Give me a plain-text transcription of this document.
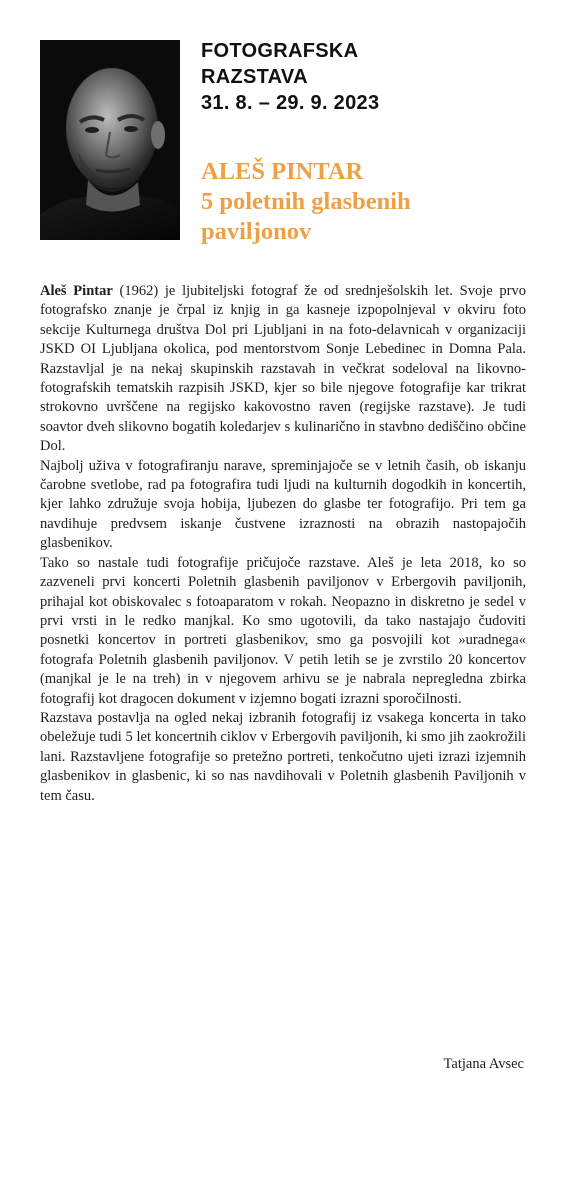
FOTOGRAFSKA
RAZSTAVA
31. 8. – 29. 9. 2023
ALEŠ PINTAR
5 poletnih glasbenih
paviljonov

Aleš Pintar (1962) je ljubiteljski fotograf že od srednješolskih let. Svoje prvo fotografsko znanje je črpal iz knjig in ga kasneje izpopolnjeval v okviru foto sekcije Kulturnega društva Dol pri Ljubljani in na foto-delavnicah v organizaciji JSKD OI Ljubljana okolica, pod mentorstvom Sonje Lebedinec in Domna Pala. Razstavljal je na nekaj skupinskih razstavah in večkrat sodeloval na likovno-fotografskih tematskih razpisih JSKD, kjer so bile njegove fotografije kar trikrat strokovno uvrščene na regijsko kakovostno raven (regijske razstave). Je tudi soavtor dveh slikovno bogatih koledarjev s kulinarično in stavbno dediščino občine Dol.

Najbolj uživa v fotografiranju narave, spreminjajoče se v letnih časih, ob iskanju čarobne svetlobe, rad pa fotografira tudi ljudi na kulturnih dogodkih in koncertih, kjer lahko združuje svoja hobija, ljubezen do glasbe ter fotografijo. Pri tem ga navdihuje predvsem iskanje čustvene izraznosti na obrazih nastopajočih glasbenikov.

Tako so nastale tudi fotografije pričujoče razstave. Aleš je leta 2018, ko so zazveneli prvi koncerti Poletnih glasbenih paviljonov v Erbergovih paviljonih, prihajal kot obiskovalec s fotoaparatom v rokah. Neopazno in diskretno je sedel v prvi vrsti in le redko manjkal. Ko smo ugotovili, da tako nastajajo čudoviti posnetki koncertov in portreti glasbenikov, smo ga posvojili kot »uradnega« fotografa Poletnih glasbenih paviljonov. V petih letih se je zvrstilo 20 koncertov (manjkal je le na treh) in v njegovem arhivu se je nabrala nepregledna zbirka fotografij kot dragocen dokument v izjemno bogati izrazni sporočilnosti.

Razstava postavlja na ogled nekaj izbranih fotografij iz vsakega koncerta in tako obeležuje tudi 5 let koncertnih ciklov v Erbergovih paviljonih, ki smo jih zaokrožili lani. Razstavljene fotografije so pretežno portreti, tenkočutno ujeti izrazi izjemnih glasbenikov in glasbenic, ki so nas navdihovali v Poletnih glasbenih Paviljonih v tem času.

Tatjana Avsec
